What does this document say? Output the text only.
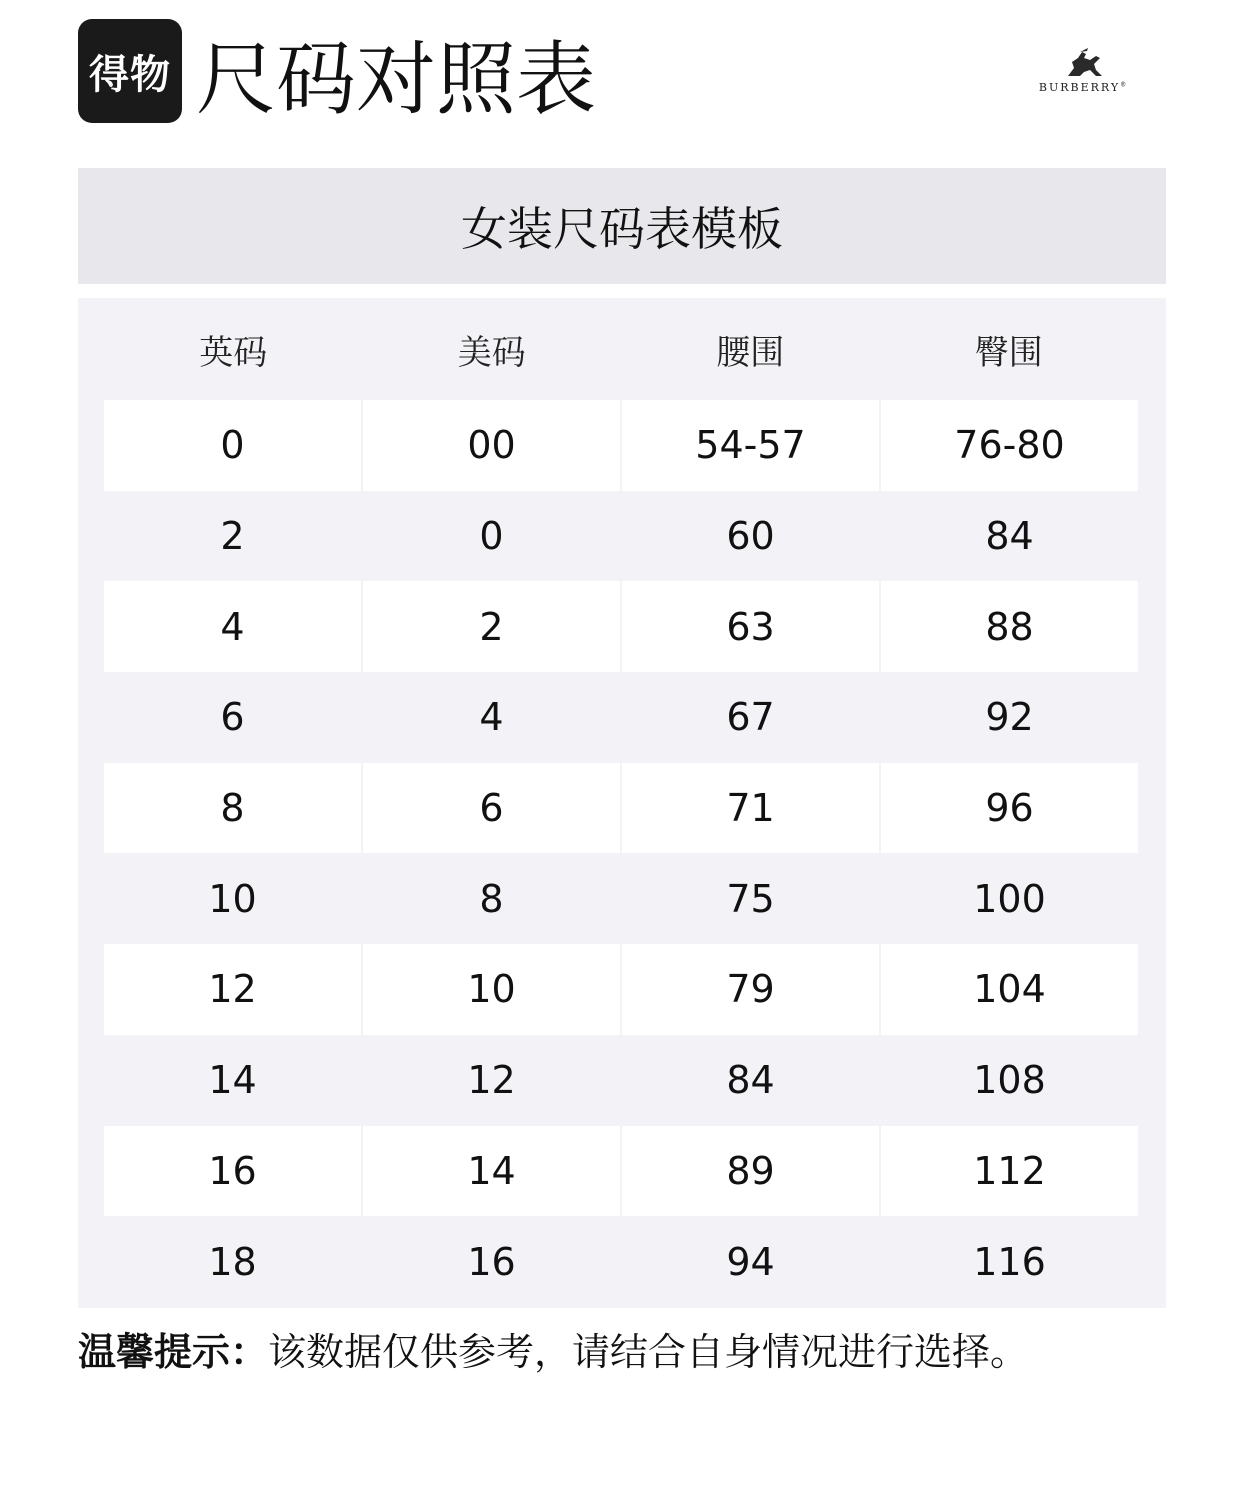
得物 尺码对照表	BURBERRY®
女装尺码表模板
英码	美码	腰围	臀围
0	00	54-57	76-80
2	0	60	84
4	2	63	88
6	4	67	92
8	6	71	96
10	8	75	100
12	10	79	104
14	12	84	108
16	14	89	112
18	16	94	116
温馨提示：该数据仅供参考，请结合自身情况进行选择。
